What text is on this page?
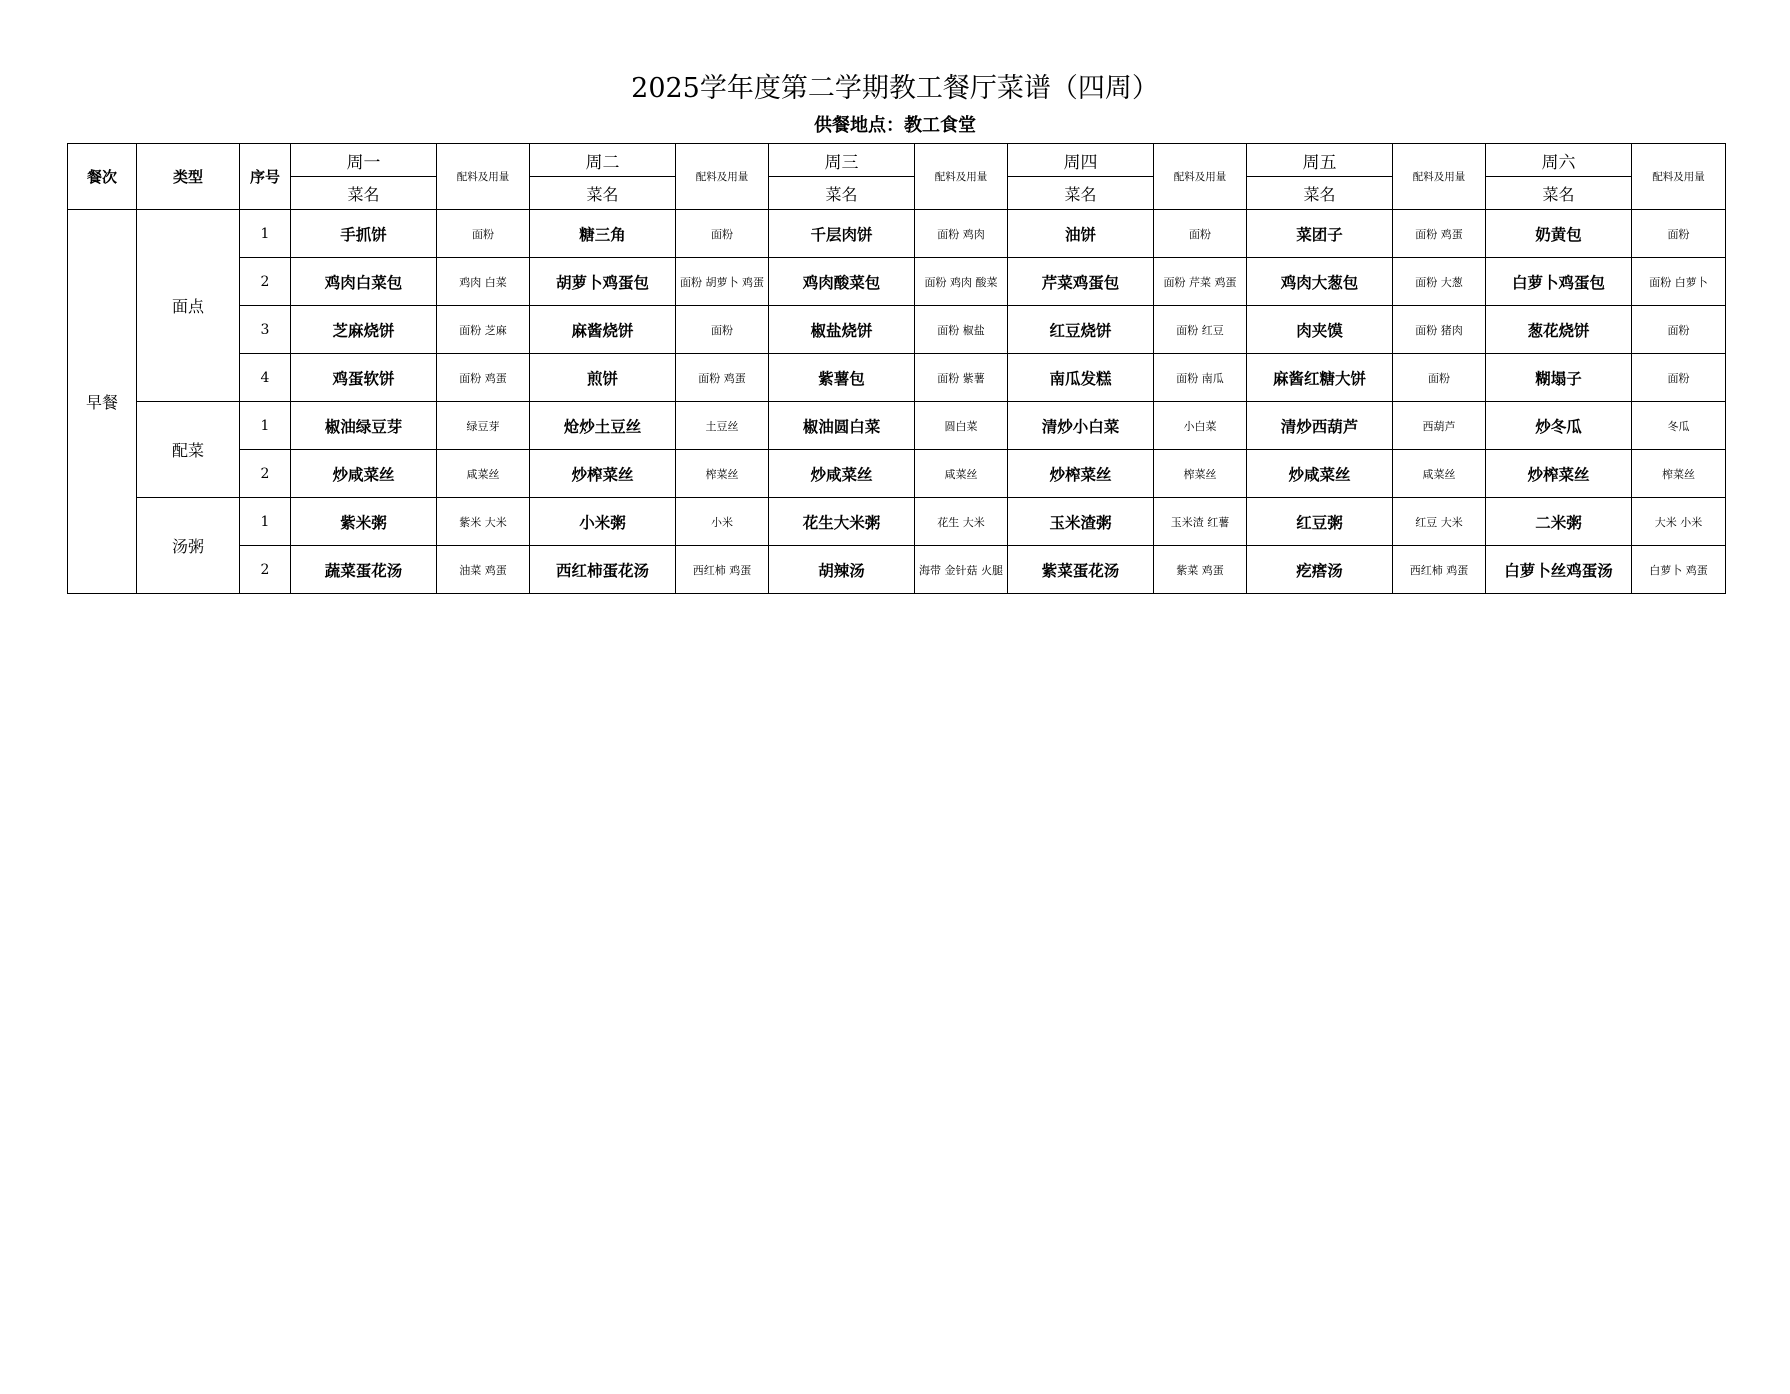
2025学年度第二学期教工餐厅菜谱（四周）
供餐地点：教工食堂
餐次	类型	序号	周一	配料及用量	周二	配料及用量	周三	配料及用量	周四	配料及用量	周五	配料及用量	周六	配料及用量
			菜名		菜名		菜名		菜名		菜名		菜名	
早餐	面点	1	手抓饼	面粉	糖三角	面粉	千层肉饼	面粉 鸡肉	油饼	面粉	菜团子	面粉 鸡蛋	奶黄包	面粉
		2	鸡肉白菜包	鸡肉 白菜	胡萝卜鸡蛋包	面粉 胡萝卜 鸡蛋	鸡肉酸菜包	面粉 鸡肉 酸菜	芹菜鸡蛋包	面粉 芹菜 鸡蛋	鸡肉大葱包	面粉 大葱	白萝卜鸡蛋包	面粉 白萝卜
		3	芝麻烧饼	面粉 芝麻	麻酱烧饼	面粉	椒盐烧饼	面粉 椒盐	红豆烧饼	面粉 红豆	肉夹馍	面粉 猪肉	葱花烧饼	面粉
		4	鸡蛋软饼	面粉 鸡蛋	煎饼	面粉 鸡蛋	紫薯包	面粉 紫薯	南瓜发糕	面粉 南瓜	麻酱红糖大饼	面粉	糊塌子	面粉
	配菜	1	椒油绿豆芽	绿豆芽	炝炒土豆丝	土豆丝	椒油圆白菜	圆白菜	清炒小白菜	小白菜	清炒西葫芦	西葫芦	炒冬瓜	冬瓜
		2	炒咸菜丝	咸菜丝	炒榨菜丝	榨菜丝	炒咸菜丝	咸菜丝	炒榨菜丝	榨菜丝	炒咸菜丝	咸菜丝	炒榨菜丝	榨菜丝
	汤粥	1	紫米粥	紫米 大米	小米粥	小米	花生大米粥	花生 大米	玉米渣粥	玉米渣 红薯	红豆粥	红豆 大米	二米粥	大米 小米
		2	蔬菜蛋花汤	油菜 鸡蛋	西红柿蛋花汤	西红柿 鸡蛋	胡辣汤	海带 金针菇 火腿	紫菜蛋花汤	紫菜 鸡蛋	疙瘩汤	西红柿 鸡蛋	白萝卜丝鸡蛋汤	白萝卜 鸡蛋
